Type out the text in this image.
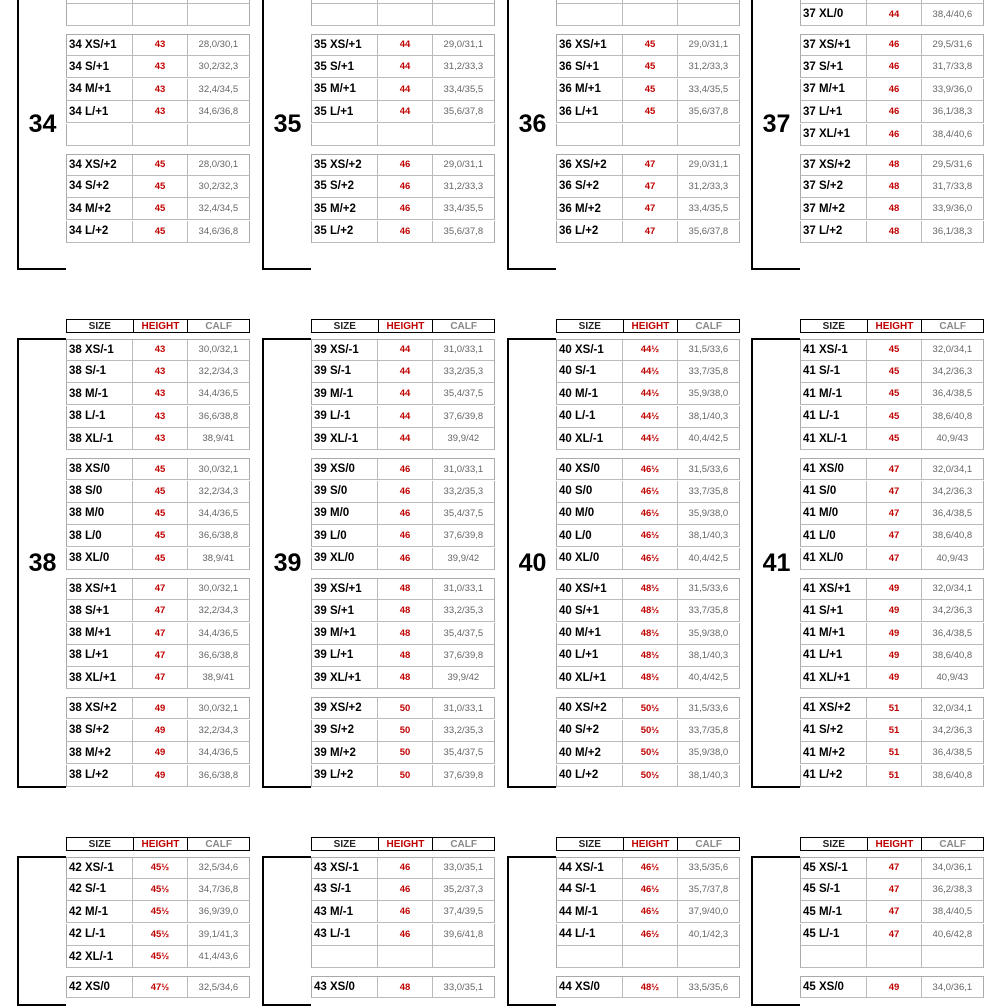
34
34 XS/+1	43	28,0/30,1
34 S/+1	43	30,2/32,3
34 M/+1	43	32,4/34,5
34 L/+1	43	34,6/36,8
34 XS/+2	45	28,0/30,1
34 S/+2	45	30,2/32,3
34 M/+2	45	32,4/34,5
34 L/+2	45	34,6/36,8
35
35 XS/+1	44	29,0/31,1
35 S/+1	44	31,2/33,3
35 M/+1	44	33,4/35,5
35 L/+1	44	35,6/37,8
35 XS/+2	46	29,0/31,1
35 S/+2	46	31,2/33,3
35 M/+2	46	33,4/35,5
35 L/+2	46	35,6/37,8
36
36 XS/+1	45	29,0/31,1
36 S/+1	45	31,2/33,3
36 M/+1	45	33,4/35,5
36 L/+1	45	35,6/37,8
36 XS/+2	47	29,0/31,1
36 S/+2	47	31,2/33,3
36 M/+2	47	33,4/35,5
36 L/+2	47	35,6/37,8
37
37 XL/0	44	38,4/40,6
37 XS/+1	46	29,5/31,6
37 S/+1	46	31,7/33,8
37 M/+1	46	33,9/36,0
37 L/+1	46	36,1/38,3
37 XL/+1	46	38,4/40,6
37 XS/+2	48	29,5/31,6
37 S/+2	48	31,7/33,8
37 M/+2	48	33,9/36,0
37 L/+2	48	36,1/38,3
38
SIZE	HEIGHT	CALF
38 XS/-1	43	30,0/32,1
38 S/-1	43	32,2/34,3
38 M/-1	43	34,4/36,5
38 L/-1	43	36,6/38,8
38 XL/-1	43	38,9/41
38 XS/0	45	30,0/32,1
38 S/0	45	32,2/34,3
38 M/0	45	34,4/36,5
38 L/0	45	36,6/38,8
38 XL/0	45	38,9/41
38 XS/+1	47	30,0/32,1
38 S/+1	47	32,2/34,3
38 M/+1	47	34,4/36,5
38 L/+1	47	36,6/38,8
38 XL/+1	47	38,9/41
38 XS/+2	49	30,0/32,1
38 S/+2	49	32,2/34,3
38 M/+2	49	34,4/36,5
38 L/+2	49	36,6/38,8
39
SIZE	HEIGHT	CALF
39 XS/-1	44	31,0/33,1
39 S/-1	44	33,2/35,3
39 M/-1	44	35,4/37,5
39 L/-1	44	37,6/39,8
39 XL/-1	44	39,9/42
39 XS/0	46	31,0/33,1
39 S/0	46	33,2/35,3
39 M/0	46	35,4/37,5
39 L/0	46	37,6/39,8
39 XL/0	46	39,9/42
39 XS/+1	48	31,0/33,1
39 S/+1	48	33,2/35,3
39 M/+1	48	35,4/37,5
39 L/+1	48	37,6/39,8
39 XL/+1	48	39,9/42
39 XS/+2	50	31,0/33,1
39 S/+2	50	33,2/35,3
39 M/+2	50	35,4/37,5
39 L/+2	50	37,6/39,8
40
SIZE	HEIGHT	CALF
40 XS/-1	44½	31,5/33,6
40 S/-1	44½	33,7/35,8
40 M/-1	44½	35,9/38,0
40 L/-1	44½	38,1/40,3
40 XL/-1	44½	40,4/42,5
40 XS/0	46½	31,5/33,6
40 S/0	46½	33,7/35,8
40 M/0	46½	35,9/38,0
40 L/0	46½	38,1/40,3
40 XL/0	46½	40,4/42,5
40 XS/+1	48½	31,5/33,6
40 S/+1	48½	33,7/35,8
40 M/+1	48½	35,9/38,0
40 L/+1	48½	38,1/40,3
40 XL/+1	48½	40,4/42,5
40 XS/+2	50½	31,5/33,6
40 S/+2	50½	33,7/35,8
40 M/+2	50½	35,9/38,0
40 L/+2	50½	38,1/40,3
41
SIZE	HEIGHT	CALF
41 XS/-1	45	32,0/34,1
41 S/-1	45	34,2/36,3
41 M/-1	45	36,4/38,5
41 L/-1	45	38,6/40,8
41 XL/-1	45	40,9/43
41 XS/0	47	32,0/34,1
41 S/0	47	34,2/36,3
41 M/0	47	36,4/38,5
41 L/0	47	38,6/40,8
41 XL/0	47	40,9/43
41 XS/+1	49	32,0/34,1
41 S/+1	49	34,2/36,3
41 M/+1	49	36,4/38,5
41 L/+1	49	38,6/40,8
41 XL/+1	49	40,9/43
41 XS/+2	51	32,0/34,1
41 S/+2	51	34,2/36,3
41 M/+2	51	36,4/38,5
41 L/+2	51	38,6/40,8
SIZE	HEIGHT	CALF
42 XS/-1	45½	32,5/34,6
42 S/-1	45½	34,7/36,8
42 M/-1	45½	36,9/39,0
42 L/-1	45½	39,1/41,3
42 XL/-1	45½	41,4/43,6
42 XS/0	47½	32,5/34,6
SIZE	HEIGHT	CALF
43 XS/-1	46	33,0/35,1
43 S/-1	46	35,2/37,3
43 M/-1	46	37,4/39,5
43 L/-1	46	39,6/41,8
43 XS/0	48	33,0/35,1
SIZE	HEIGHT	CALF
44 XS/-1	46½	33,5/35,6
44 S/-1	46½	35,7/37,8
44 M/-1	46½	37,9/40,0
44 L/-1	46½	40,1/42,3
44 XS/0	48½	33,5/35,6
SIZE	HEIGHT	CALF
45 XS/-1	47	34,0/36,1
45 S/-1	47	36,2/38,3
45 M/-1	47	38,4/40,5
45 L/-1	47	40,6/42,8
45 XS/0	49	34,0/36,1
